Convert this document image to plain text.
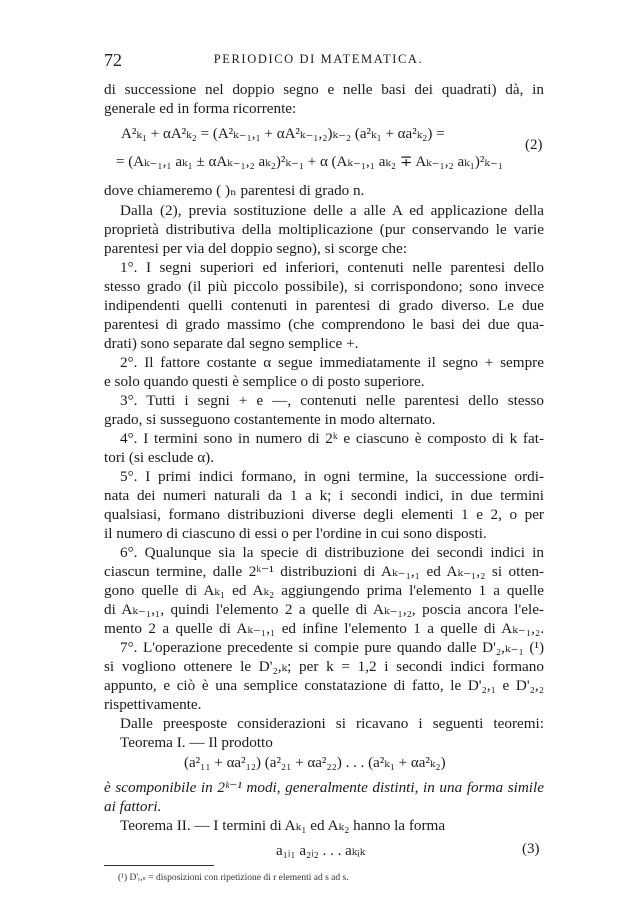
72	PERIODICO DI MATEMATICA.
di successione nel doppio segno e nelle basi dei quadrati) dà, in
generale ed in forma ricorrente:
A²ₖ₁ + αA²ₖ₂ = (A²ₖ₋₁,₁ + αA²ₖ₋₁,₂)ₖ₋₂ (a²ₖ₁ + αa²ₖ₂) =
= (Aₖ₋₁,₁ aₖ₁ ± αAₖ₋₁,₂ aₖ₂)²ₖ₋₁ + α (Aₖ₋₁,₁ aₖ₂ ∓ Aₖ₋₁,₂ aₖ₁)²ₖ₋₁
(2)
dove chiameremo ( )ₙ parentesi di grado n.
Dalla (2), previa sostituzione delle a alle A ed applicazione della
proprietà distributiva della moltiplicazione (pur conservando le varie
parentesi per via del doppio segno), si scorge che:
1°. I segni superiori ed inferiori, contenuti nelle parentesi dello
stesso grado (il più piccolo possibile), si corrispondono; sono invece
indipendenti quelli contenuti in parentesi di grado diverso. Le due
parentesi di grado massimo (che comprendono le basi dei due qua-
drati) sono separate dal segno semplice +.
2°. Il fattore costante α segue immediatamente il segno + sempre
e solo quando questi è semplice o di posto superiore.
3°. Tutti i segni + e —, contenuti nelle parentesi dello stesso
grado, si susseguono costantemente in modo alternato.
4°. I termini sono in numero di 2ᵏ e ciascuno è composto di k fat-
tori (si esclude α).
5°. I primi indici formano, in ogni termine, la successione ordi-
nata dei numeri naturali da 1 a k; i secondi indici, in due termini
qualsiasi, formano distribuzioni diverse degli elementi 1 e 2, o per
il numero di ciascuno di essi o per l'ordine in cui sono disposti.
6°. Qualunque sia la specie di distribuzione dei secondi indici in
ciascun termine, dalle 2ᵏ⁻¹ distribuzioni di Aₖ₋₁,₁ ed Aₖ₋₁,₂ si otten-
gono quelle di Aₖ₁ ed Aₖ₂ aggiungendo prima l'elemento 1 a quelle
di Aₖ₋₁,₁, quindi l'elemento 2 a quelle di Aₖ₋₁,₂, poscia ancora l'ele-
mento 2 a quelle di Aₖ₋₁,₁ ed infine l'elemento 1 a quelle di Aₖ₋₁,₂.
7°. L'operazione precedente si compie pure quando dalle D'₂,ₖ₋₁ (¹)
si vogliono ottenere le D'₂,ₖ; per k = 1,2 i secondi indici formano
appunto, e ciò è una semplice constatazione di fatto, le D'₂,₁ e D'₂,₂
rispettivamente.
Dalle preesposte considerazioni si ricavano i seguenti teoremi:
Teorema I. — Il prodotto
(a²₁₁ + αa²₁₂) (a²₂₁ + αa²₂₂) . . . (a²ₖ₁ + αa²ₖ₂)
è scomponibile in 2ᵏ⁻¹ modi, generalmente distinti, in una forma simile
ai fattori.
Teorema II. — I termini di Aₖ₁ ed Aₖ₂ hanno la forma
a₁ᵢ₁ a₂ᵢ₂ . . . aₖᵢₖ	(3)
(¹) D'ᵣ,ₛ = disposizioni con ripetizione di r elementi ad s ad s.
